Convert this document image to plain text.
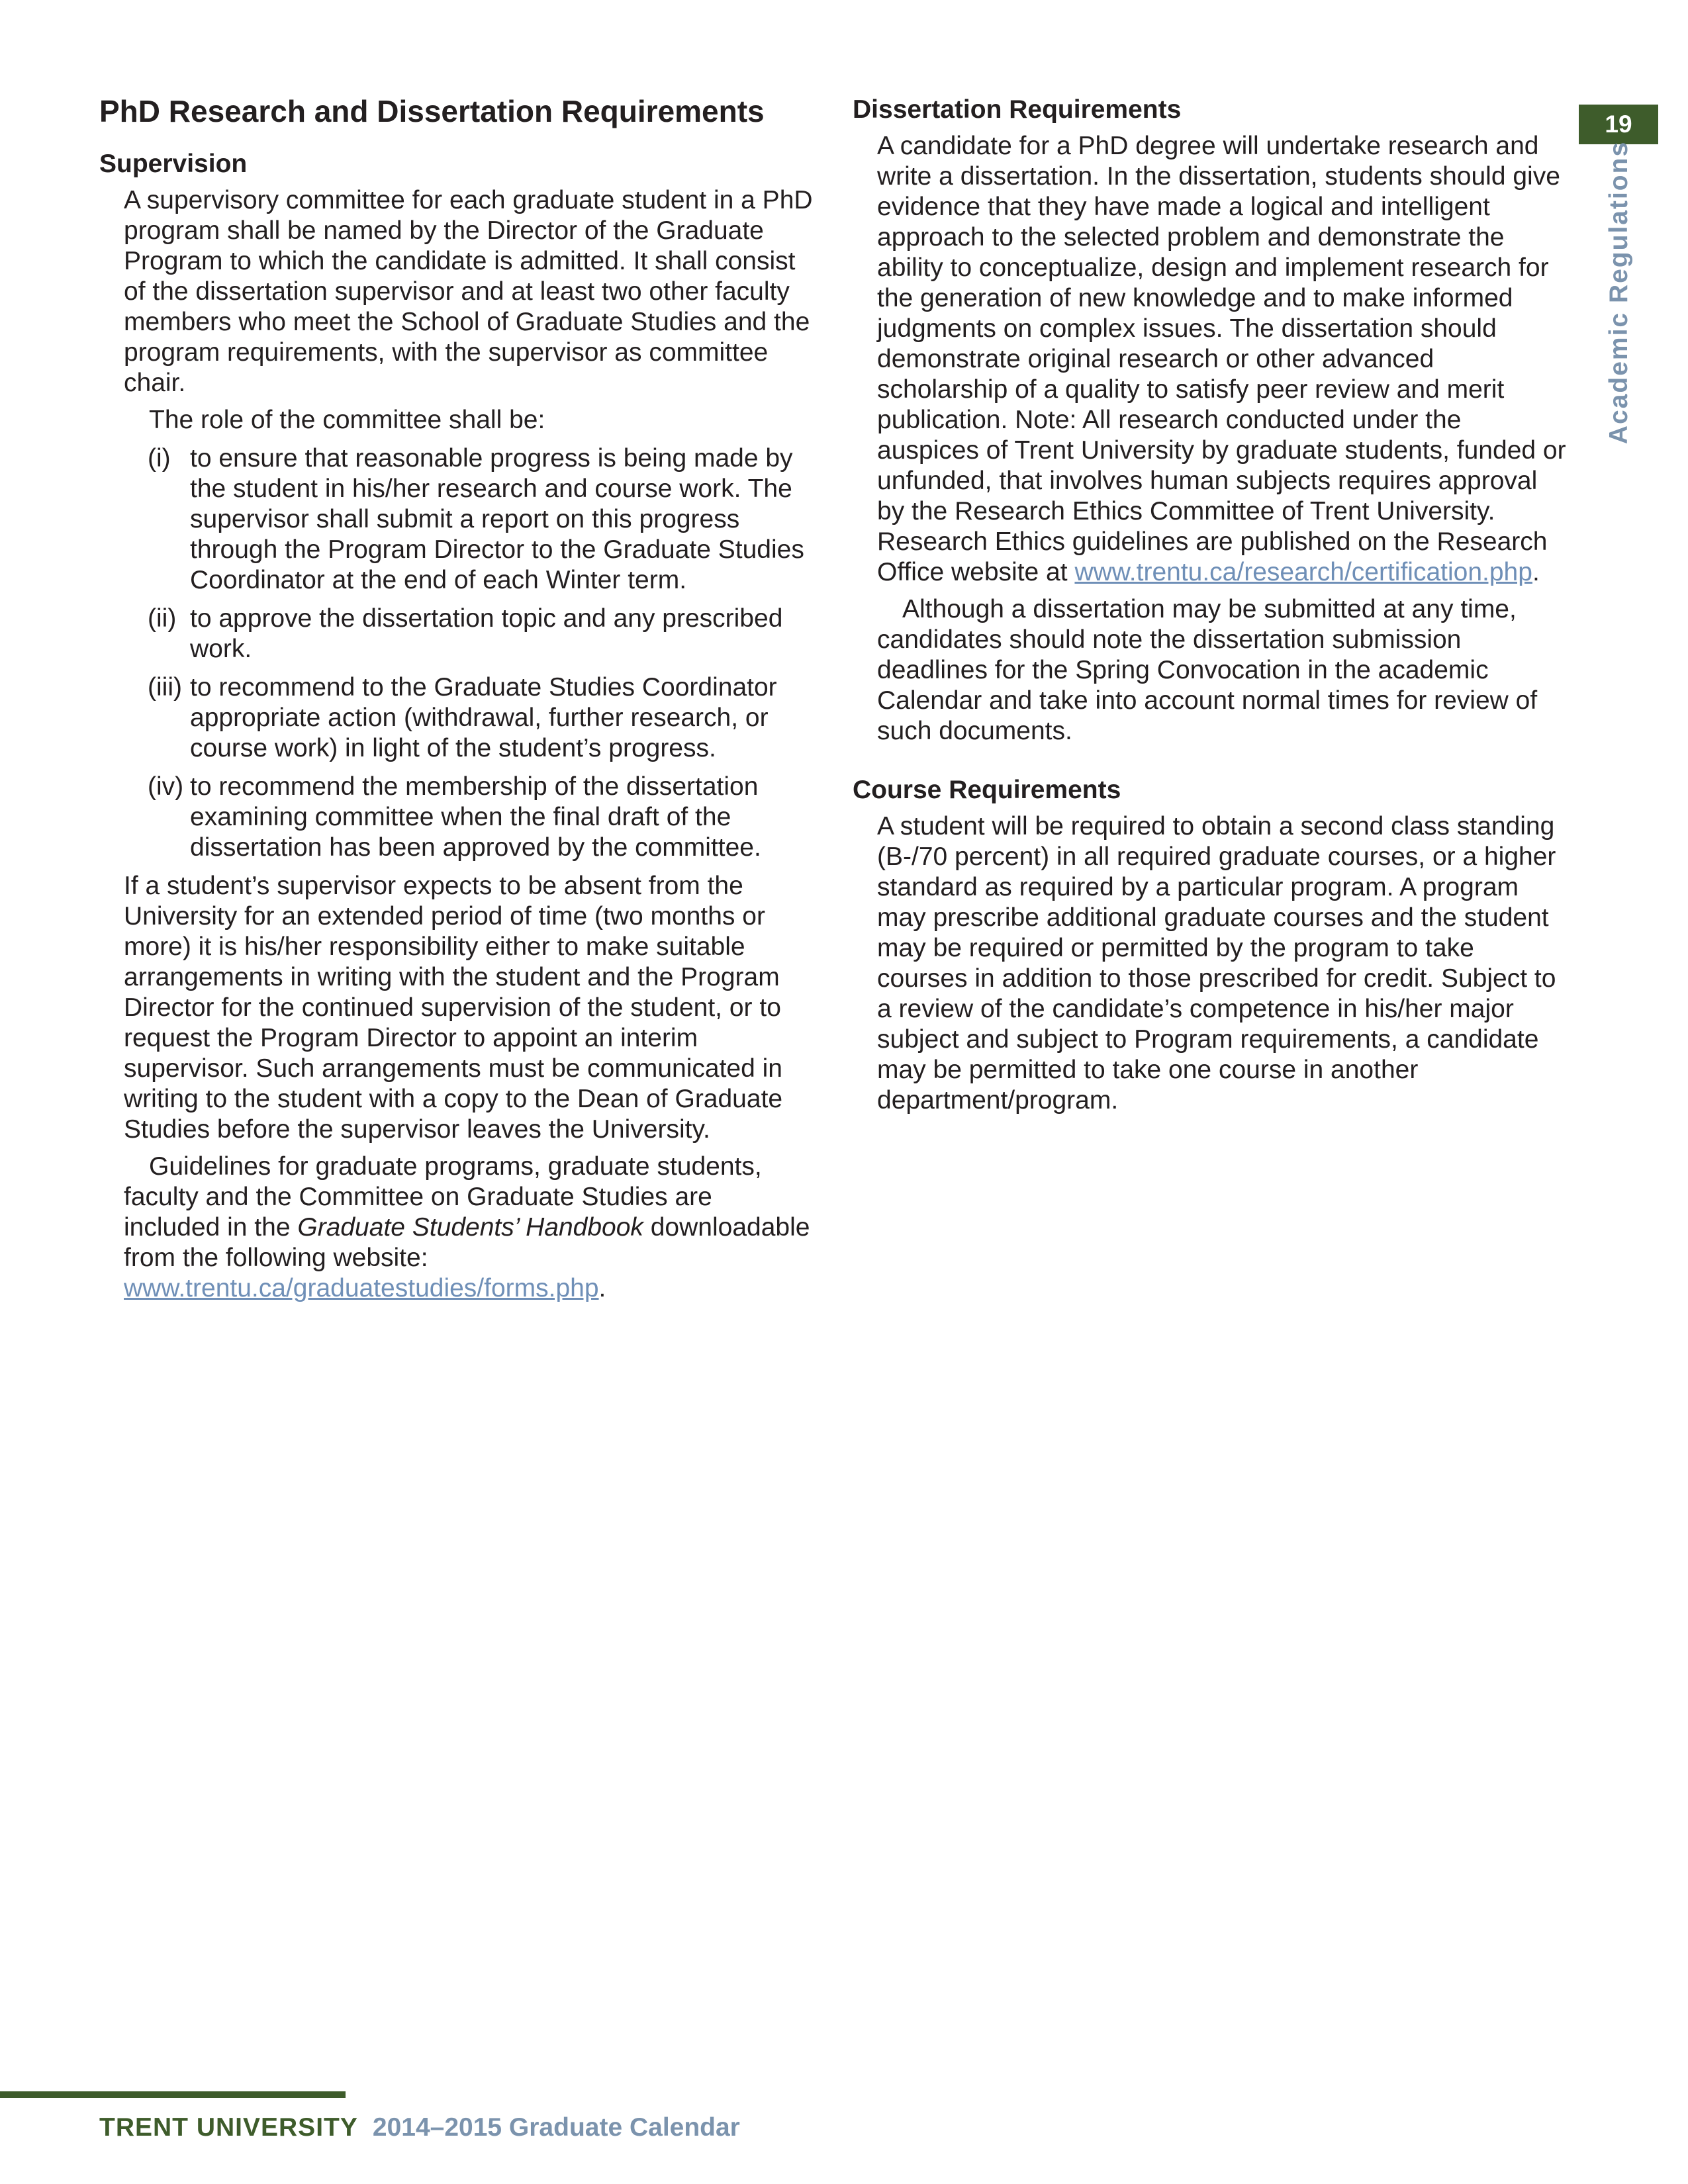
19
Academic Regulations
PhD Research and Dissertation Requirements
Supervision

A supervisory committee for each graduate student in a PhD program shall be named by the Director of the Graduate Program to which the candidate is admitted. It shall consist of the dissertation supervisor and at least two other faculty members who meet the School of Graduate Studies and the program requirements, with the supervisor as committee chair.

The role of the committee shall be:

(i) to ensure that reasonable progress is being made by the student in his/her research and course work. The supervisor shall submit a report on this progress through the Program Director to the Graduate Studies Coordinator at the end of each Winter term.
(ii) to approve the dissertation topic and any prescribed work.
(iii) to recommend to the Graduate Studies Coordinator appropriate action (withdrawal, further research, or course work) in light of the student’s progress.
(iv) to recommend the membership of the dissertation examining committee when the final draft of the dissertation has been approved by the committee.

If a student’s supervisor expects to be absent from the University for an extended period of time (two months or more) it is his/her responsibility either to make suitable arrangements in writing with the student and the Program Director for the continued supervision of the student, or to request the Program Director to appoint an interim supervisor. Such arrangements must be communicated in writing to the student with a copy to the Dean of Graduate Studies before the supervisor leaves the University.

Guidelines for graduate programs, graduate students, faculty and the Committee on Graduate Studies are included in the Graduate Students’ Handbook downloadable from the following website: www.trentu.ca/graduatestudies/forms.php.

Dissertation Requirements

A candidate for a PhD degree will undertake research and write a dissertation. In the dissertation, students should give evidence that they have made a logical and intelligent approach to the selected problem and demonstrate the ability to conceptualize, design and implement research for the generation of new knowledge and to make informed judgments on complex issues. The dissertation should demonstrate original research or other advanced scholarship of a quality to satisfy peer review and merit publication. Note: All research conducted under the auspices of Trent University by graduate students, funded or unfunded, that involves human subjects requires approval by the Research Ethics Committee of Trent University. Research Ethics guidelines are published on the Research Office website at www.trentu.ca/research/certification.php.

Although a dissertation may be submitted at any time, candidates should note the dissertation submission deadlines for the Spring Convocation in the academic Calendar and take into account normal times for review of such documents.

Course Requirements

A student will be required to obtain a second class standing (B-/70 percent) in all required graduate courses, or a higher standard as required by a particular program. A program may prescribe additional graduate courses and the student may be required or permitted by the program to take courses in addition to those prescribed for credit. Subject to a review of the candidate’s competence in his/her major subject and subject to Program requirements, a candidate may be permitted to take one course in another department/program.

TRENT UNIVERSITY 2014–2015 Graduate Calendar
